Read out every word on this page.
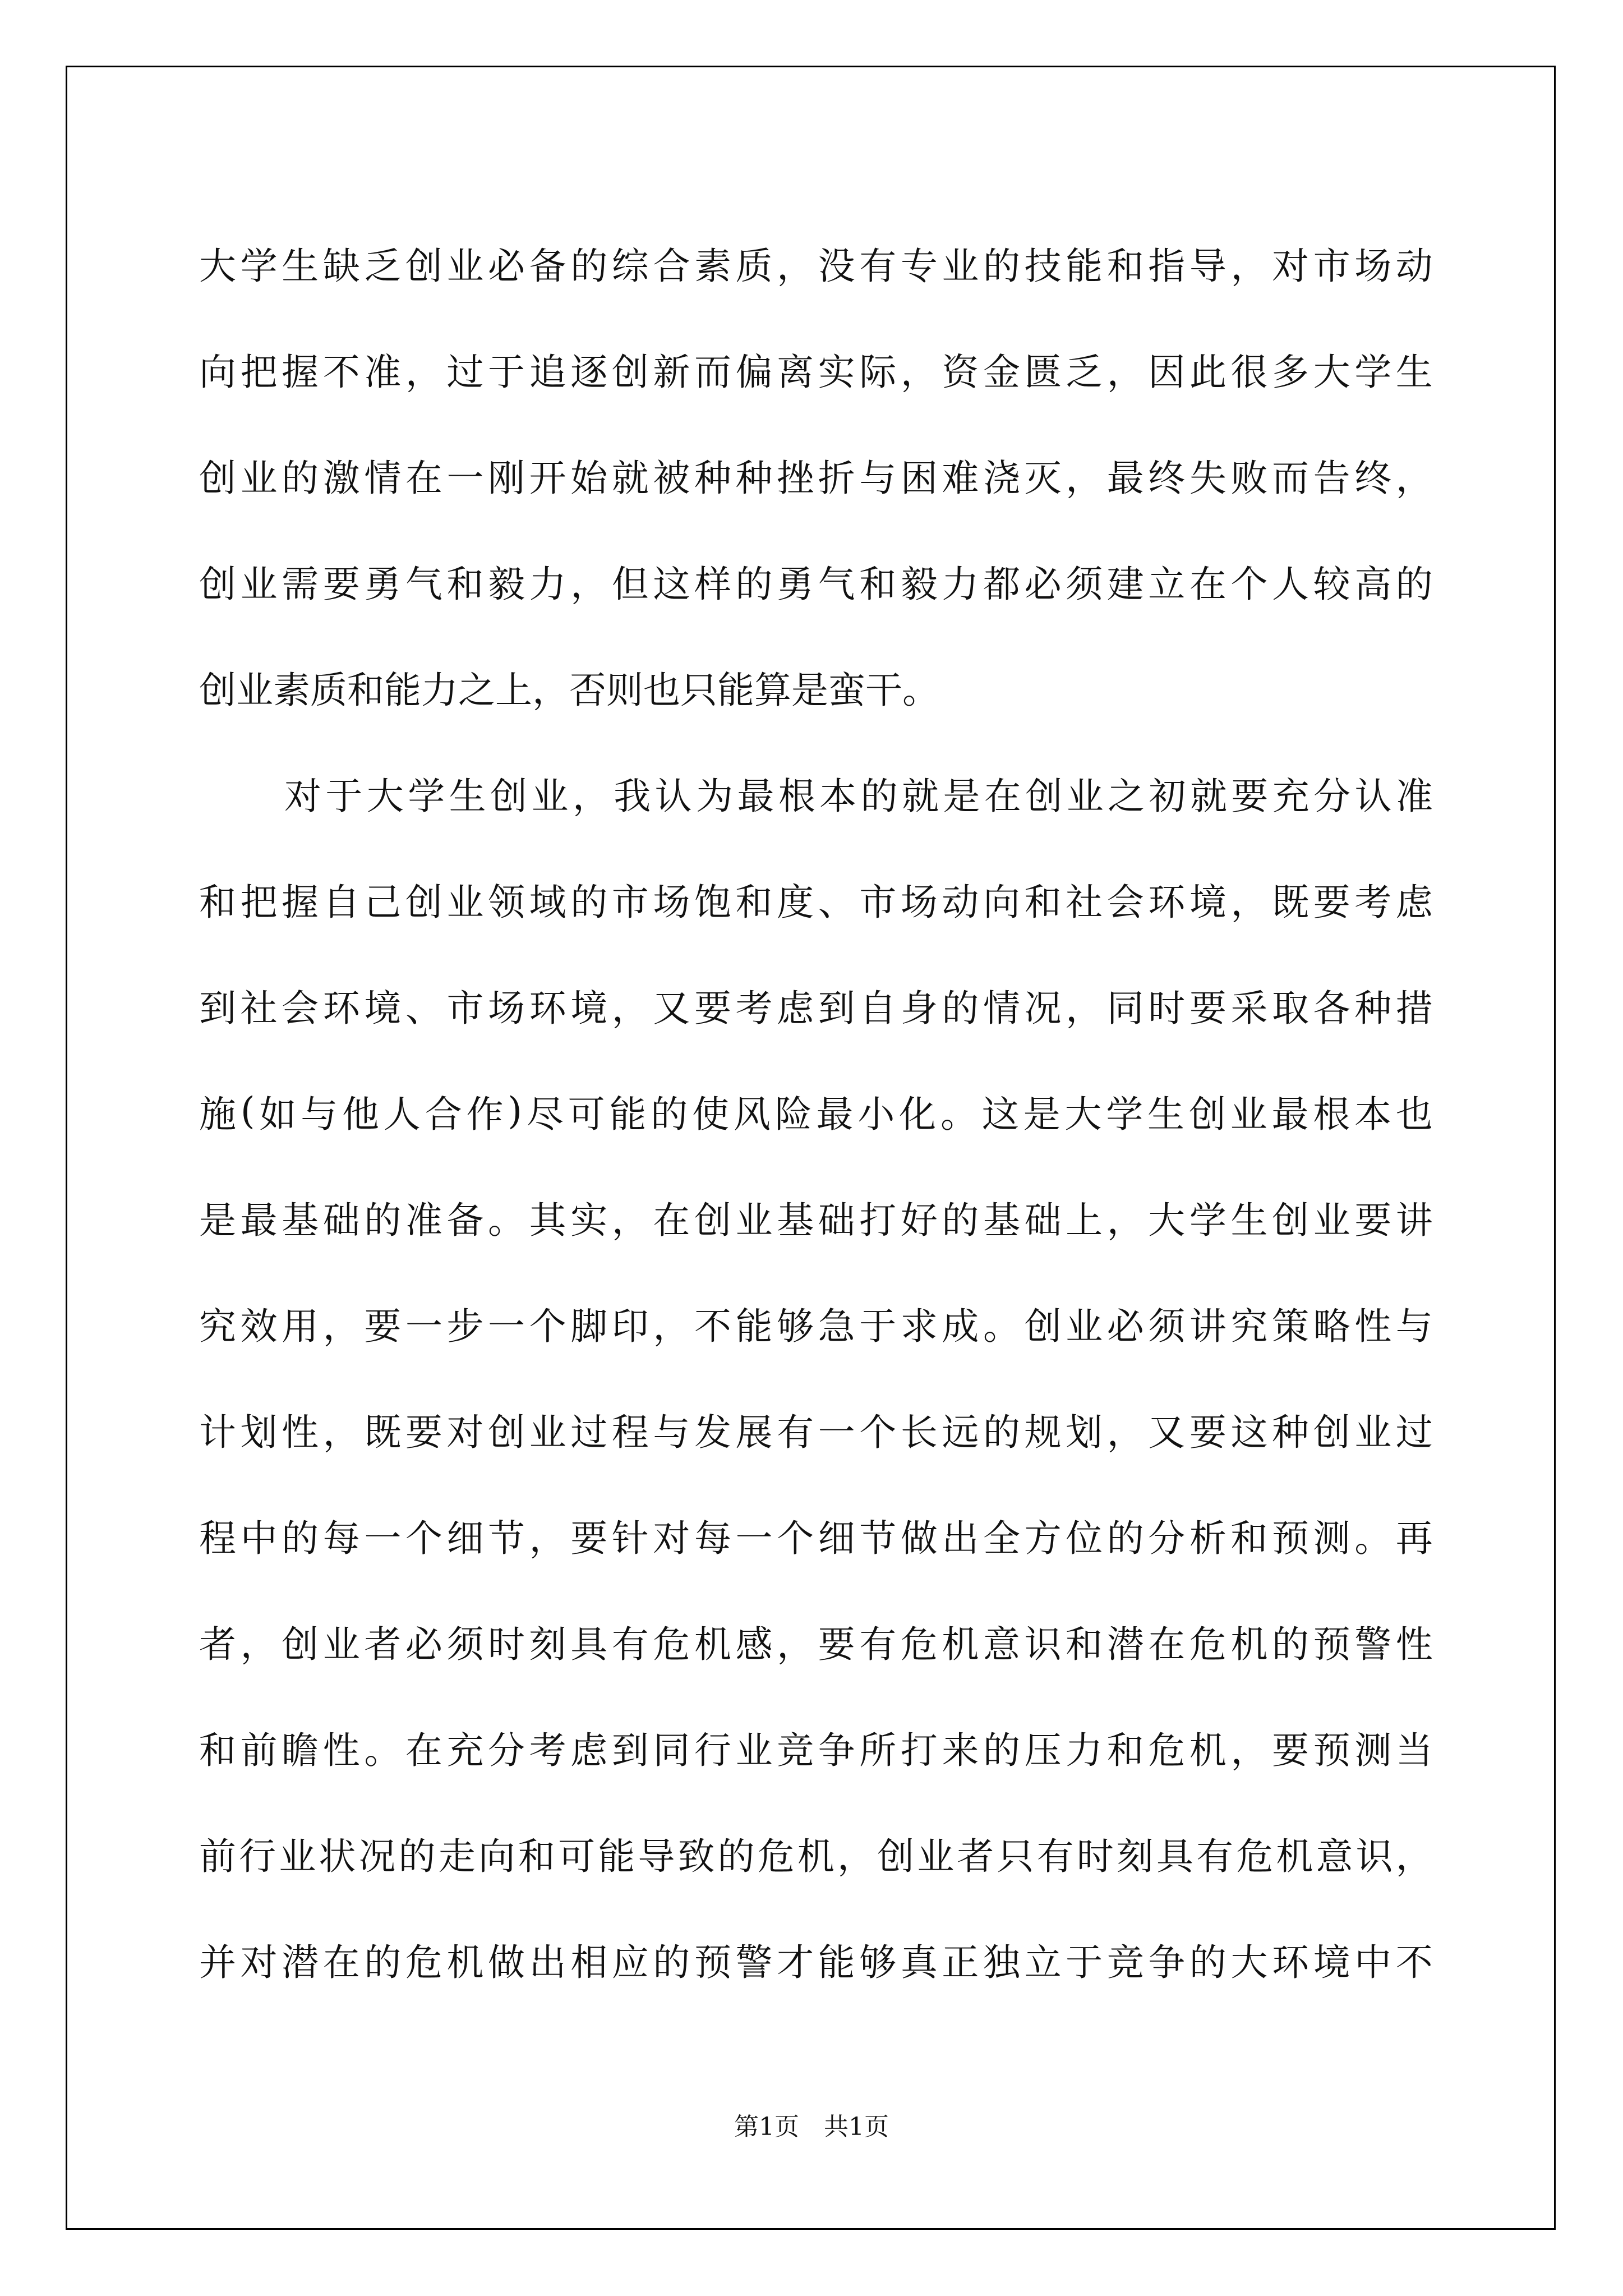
大 学 生 缺 乏 创 业 必 备 的 综 合 素 质 ， 没 有 专 业 的 技 能 和 指 导 ， 对 市 场 动
向 把 握 不 准 ， 过 于 追 逐 创 新 而 偏 离 实 际 ， 资 金 匮 乏 ， 因 此 很 多 大 学 生
创 业 的 激 情 在 一 刚 开 始 就 被 种 种 挫 折 与 困 难 浇 灭 ， 最 终 失 败 而 告 终 ，
创 业 需 要 勇 气 和 毅 力 ， 但 这 样 的 勇 气 和 毅 力 都 必 须 建 立 在 个 人 较 高 的
创业素质和能力之上，否则也只能算是蛮干。
对 于 大 学 生 创 业 ， 我 认 为 最 根 本 的 就 是 在 创 业 之 初 就 要 充 分 认 准
和 把 握 自 己 创 业 领 域 的 市 场 饱 和 度 、 市 场 动 向 和 社 会 环 境 ， 既 要 考 虑
到 社 会 环 境 、 市 场 环 境 ， 又 要 考 虑 到 自 身 的 情 况 ， 同 时 要 采 取 各 种 措
施 ( 如 与 他 人 合 作 ) 尽 可 能 的 使 风 险 最 小 化 。 这 是 大 学 生 创 业 最 根 本 也
是 最 基 础 的 准 备 。 其 实 ， 在 创 业 基 础 打 好 的 基 础 上 ， 大 学 生 创 业 要 讲
究 效 用 ， 要 一 步 一 个 脚 印 ， 不 能 够 急 于 求 成 。 创 业 必 须 讲 究 策 略 性 与
计 划 性 ， 既 要 对 创 业 过 程 与 发 展 有 一 个 长 远 的 规 划 ， 又 要 这 种 创 业 过
程 中 的 每 一 个 细 节 ， 要 针 对 每 一 个 细 节 做 出 全 方 位 的 分 析 和 预 测 。 再
者 ， 创 业 者 必 须 时 刻 具 有 危 机 感 ， 要 有 危 机 意 识 和 潜 在 危 机 的 预 警 性
和 前 瞻 性 。 在 充 分 考 虑 到 同 行 业 竞 争 所 打 来 的 压 力 和 危 机 ， 要 预 测 当
前 行 业 状 况 的 走 向 和 可 能 导 致 的 危 机 ， 创 业 者 只 有 时 刻 具 有 危 机 意 识 ，
并 对 潜 在 的 危 机 做 出 相 应 的 预 警 才 能 够 真 正 独 立 于 竞 争 的 大 环 境 中 不
第1页　共1页
